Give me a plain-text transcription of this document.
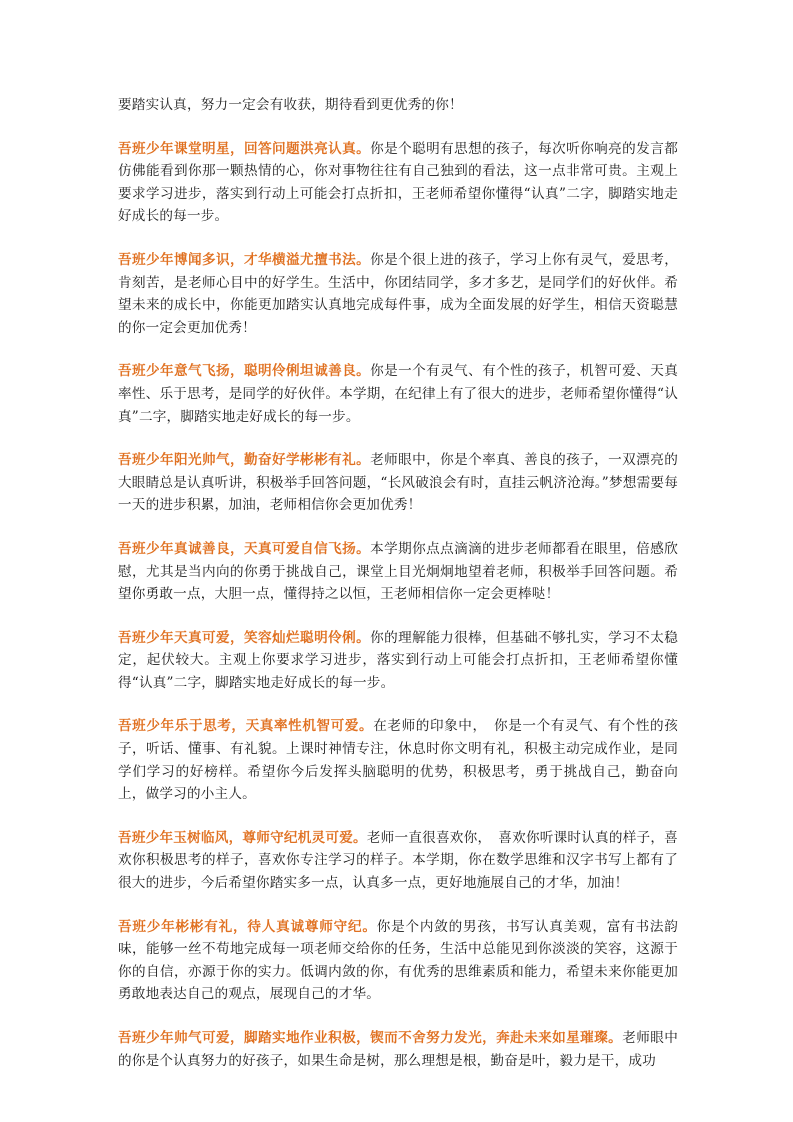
要踏实认真，努力一定会有收获，期待看到更优秀的你！

吾班少年课堂明星，回答问题洪亮认真。你是个聪明有思想的孩子，每次听你响亮的发言都仿佛能看到你那一颗热情的心，你对事物往往有自己独到的看法，这一点非常可贵。主观上要求学习进步，落实到行动上可能会打点折扣，王老师希望你懂得“认真”二字，脚踏实地走好成长的每一步。

吾班少年博闻多识，才华横溢尤擅书法。你是个很上进的孩子，学习上你有灵气，爱思考，肯刻苦，是老师心目中的好学生。生活中，你团结同学，多才多艺，是同学们的好伙伴。希望未来的成长中，你能更加踏实认真地完成每件事，成为全面发展的好学生，相信天资聪慧的你一定会更加优秀！

吾班少年意气飞扬，聪明伶俐坦诚善良。你是一个有灵气、有个性的孩子，机智可爱、天真率性、乐于思考，是同学的好伙伴。本学期，在纪律上有了很大的进步，老师希望你懂得“认真”二字，脚踏实地走好成长的每一步。

吾班少年阳光帅气，勤奋好学彬彬有礼。老师眼中，你是个率真、善良的孩子，一双漂亮的大眼睛总是认真听讲，积极举手回答问题，“长风破浪会有时，直挂云帆济沧海。”梦想需要每一天的进步积累，加油，老师相信你会更加优秀！

吾班少年真诚善良，天真可爱自信飞扬。本学期你点点滴滴的进步老师都看在眼里，倍感欣慰，尤其是当内向的你勇于挑战自己，课堂上目光炯炯地望着老师，积极举手回答问题。希望你勇敢一点，大胆一点，懂得持之以恒，王老师相信你一定会更棒哒！

吾班少年天真可爱，笑容灿烂聪明伶俐。你的理解能力很棒，但基础不够扎实，学习不太稳定，起伏较大。主观上你要求学习进步，落实到行动上可能会打点折扣，王老师希望你懂得“认真”二字，脚踏实地走好成长的每一步。

吾班少年乐于思考，天真率性机智可爱。在老师的印象中，　你是一个有灵气、有个性的孩子，听话、懂事、有礼貌。上课时神情专注，休息时你文明有礼，积极主动完成作业，是同学们学习的好榜样。希望你今后发挥头脑聪明的优势，积极思考，勇于挑战自己，勤奋向上，做学习的小主人。

吾班少年玉树临风，尊师守纪机灵可爱。老师一直很喜欢你，　喜欢你听课时认真的样子，喜欢你积极思考的样子，喜欢你专注学习的样子。本学期，你在数学思维和汉字书写上都有了很大的进步，今后希望你踏实多一点，认真多一点，更好地施展自己的才华，加油！

吾班少年彬彬有礼，待人真诚尊师守纪。你是个内敛的男孩，书写认真美观，富有书法韵味，能够一丝不苟地完成每一项老师交给你的任务，生活中总能见到你淡淡的笑容，这源于你的自信，亦源于你的实力。低调内敛的你，有优秀的思维素质和能力，希望未来你能更加勇敢地表达自己的观点，展现自己的才华。

吾班少年帅气可爱，脚踏实地作业积极，锲而不舍努力发光，奔赴未来如星璀璨。老师眼中的你是个认真努力的好孩子，如果生命是树，那么理想是根，勤奋是叶，毅力是干，成功
